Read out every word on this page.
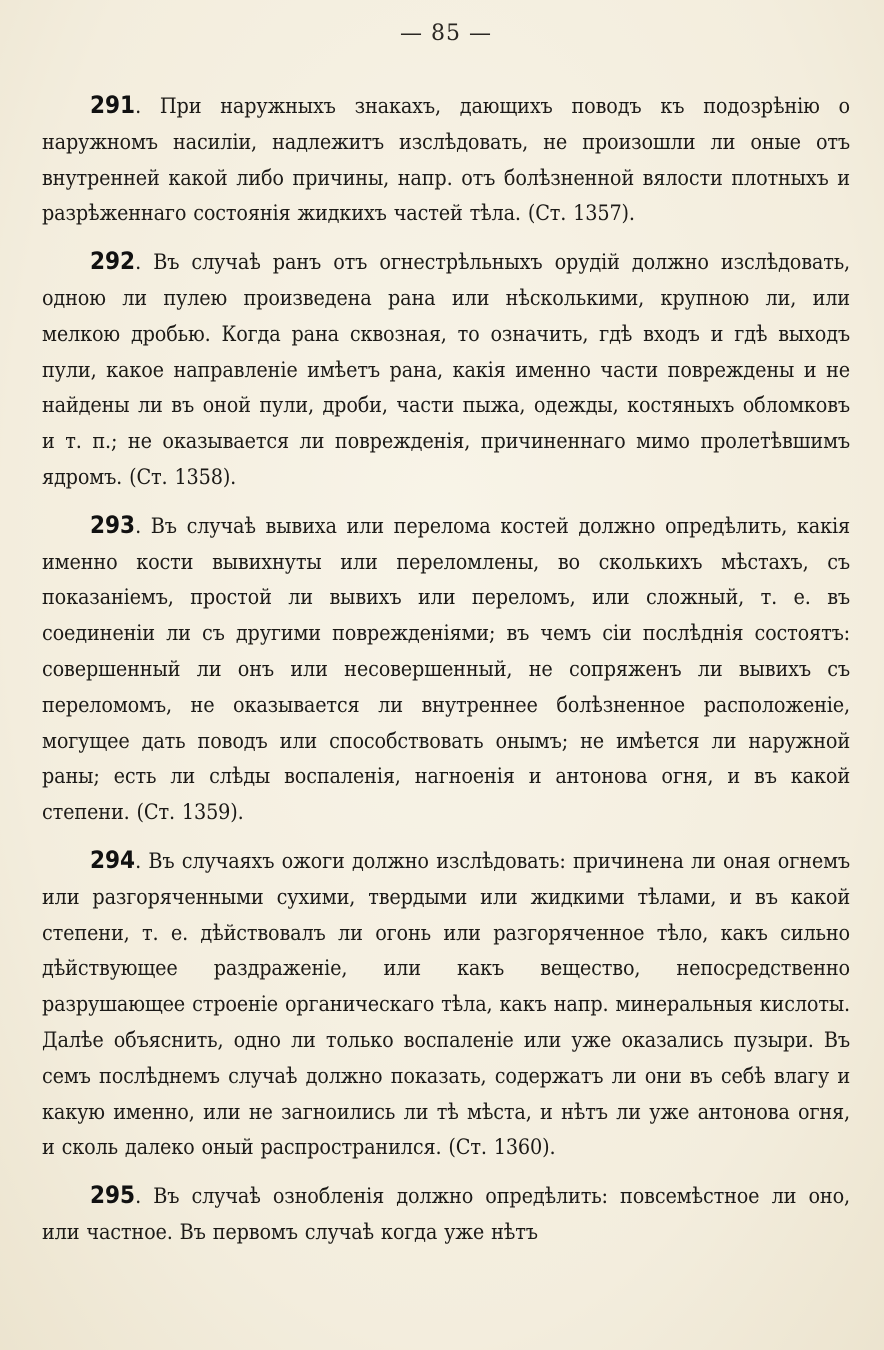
— 85 —

291. При наружныхъ знакахъ, дающихъ поводъ къ подозрѣнію о наружномъ насиліи, надлежитъ изслѣдовать, не произошли ли оные отъ внутренней какой либо причины, напр. отъ болѣзненной вялости плотныхъ и разрѣженнаго состоянія жидкихъ частей тѣла. (Ст. 1357).

292. Въ случаѣ ранъ отъ огнестрѣльныхъ орудій должно изслѣдовать, одною ли пулею произведена рана или нѣсколькими, крупною ли, или мелкою дробью. Когда рана сквозная, то означить, гдѣ входъ и гдѣ выходъ пули, какое направленіе имѣетъ рана, какія именно части повреждены и не найдены ли въ оной пули, дроби, части пыжа, одежды, костяныхъ обломковъ и т. п.; не оказывается ли поврежденія, причиненнаго мимо пролетѣвшимъ ядромъ. (Ст. 1358).

293. Въ случаѣ вывиха или перелома костей должно опредѣлить, какія именно кости вывихнуты или переломлены, во сколькихъ мѣстахъ, съ показаніемъ, простой ли вывихъ или переломъ, или сложный, т. е. въ соединеніи ли съ другими поврежденіями; въ чемъ сіи послѣднія состоятъ: совершенный ли онъ или несовершенный, не сопряженъ ли вывихъ съ переломомъ, не оказывается ли внутреннее болѣзненное расположеніе, могущее дать поводъ или способствовать онымъ; не имѣется ли наружной раны; есть ли слѣды воспаленія, нагноенія и антонова огня, и въ какой степени. (Ст. 1359).

294. Въ случаяхъ ожоги должно изслѣдовать: причинена ли оная огнемъ или разгоряченными сухими, твердыми или жидкими тѣлами, и въ какой степени, т. е. дѣйствовалъ ли огонь или разгоряченное тѣло, какъ сильно дѣйствующее раздраженіе, или какъ вещество, непосредственно разрушающее строеніе органическаго тѣла, какъ напр. минеральныя кислоты. Далѣе объяснить, одно ли только воспаленіе или уже оказались пузыри. Въ семъ послѣднемъ случаѣ должно показать, содержатъ ли они въ себѣ влагу и какую именно, или не загноились ли тѣ мѣста, и нѣтъ ли уже антонова огня, и сколь далеко оный распространился. (Ст. 1360).

295. Въ случаѣ ознобленія должно опредѣлить: повсемѣстное ли оно, или частное. Въ первомъ случаѣ когда уже нѣтъ
